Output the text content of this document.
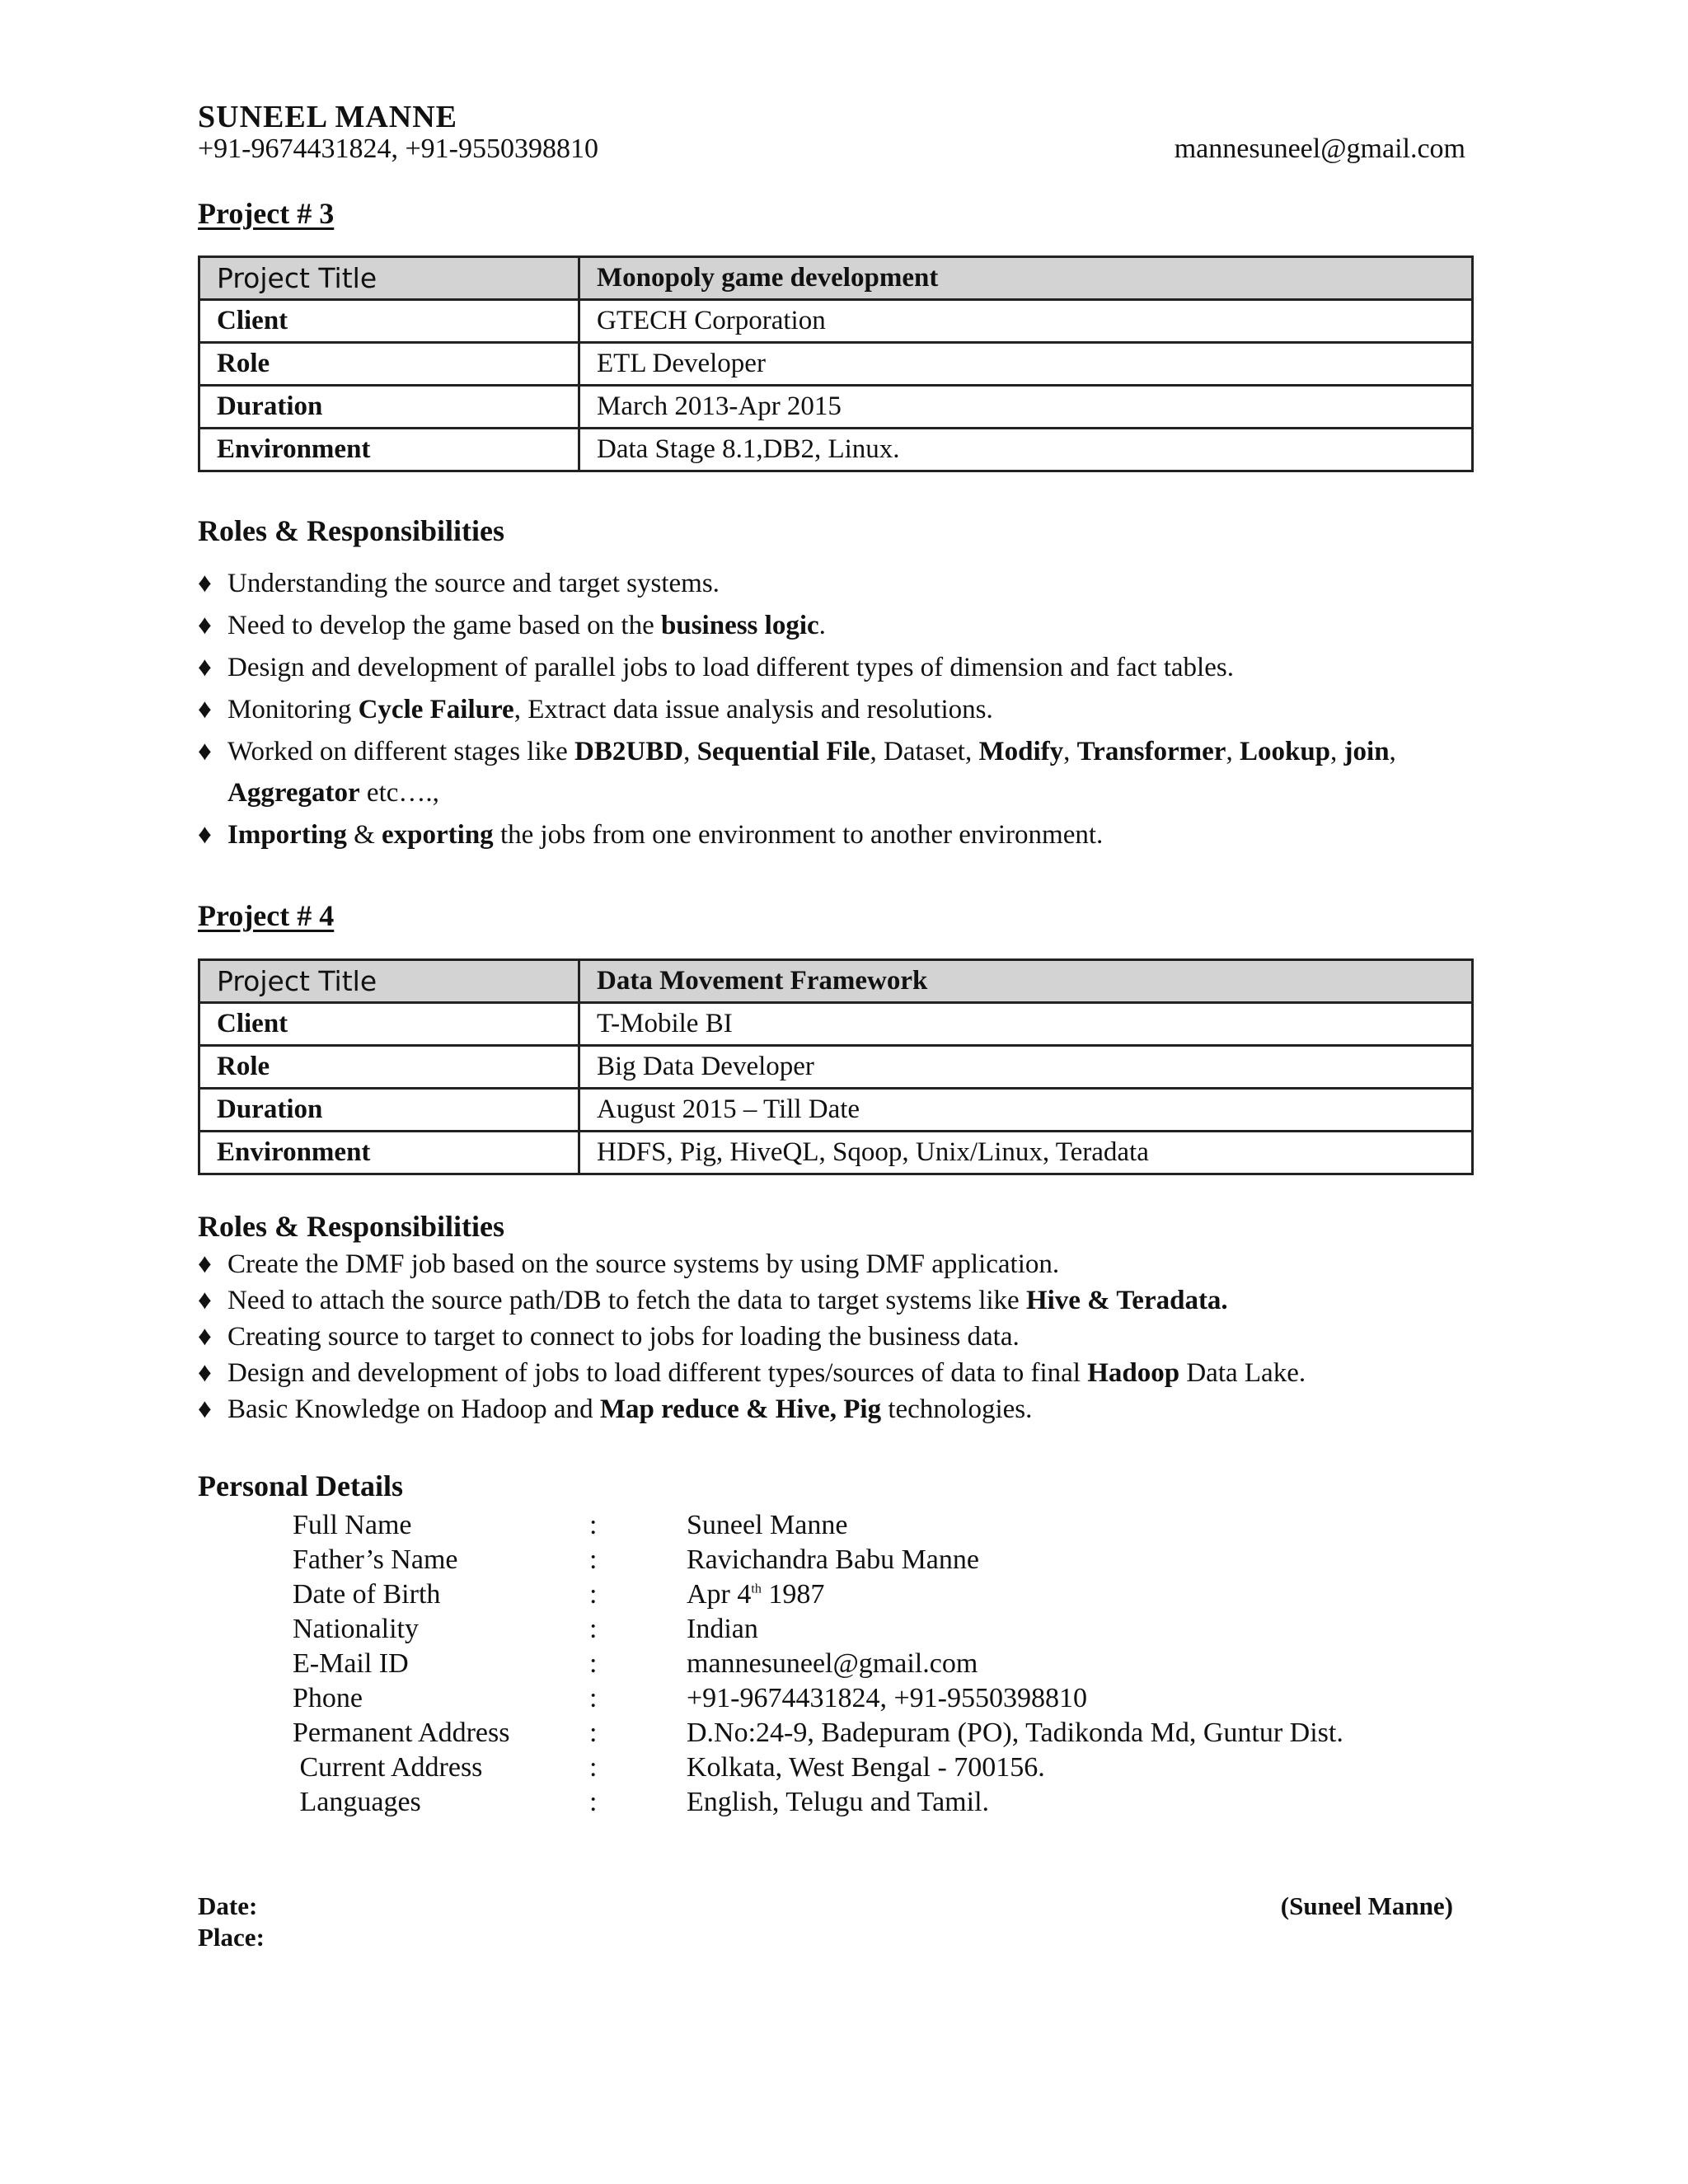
SUNEEL MANNE
+91-9674431824, +91-9550398810	mannesuneel@gmail.com
Project # 3
Project Title	Monopoly game development
Client	GTECH Corporation
Role	ETL Developer
Duration	March 2013-Apr 2015
Environment	Data Stage 8.1,DB2, Linux.
Roles & Responsibilities
♦ Understanding the source and target systems.
♦ Need to develop the game based on the business logic.
♦ Design and development of parallel jobs to load different types of dimension and fact tables.
♦ Monitoring Cycle Failure, Extract data issue analysis and resolutions.
♦ Worked on different stages like DB2UBD, Sequential File, Dataset, Modify, Transformer, Lookup, join, Aggregator etc….,
♦ Importing & exporting the jobs from one environment to another environment.
Project # 4
Project Title	Data Movement Framework
Client	T-Mobile BI
Role	Big Data Developer
Duration	August 2015 – Till Date
Environment	HDFS, Pig, HiveQL, Sqoop, Unix/Linux, Teradata
Roles & Responsibilities
♦ Create the DMF job based on the source systems by using DMF application.
♦ Need to attach the source path/DB to fetch the data to target systems like Hive & Teradata.
♦ Creating source to target to connect to jobs for loading the business data.
♦ Design and development of jobs to load different types/sources of data to final Hadoop Data Lake.
♦ Basic Knowledge on Hadoop and Map reduce & Hive, Pig technologies.
Personal Details
Full Name	:	Suneel Manne
Father’s Name	:	Ravichandra Babu Manne
Date of Birth	:	Apr 4th 1987
Nationality	:	Indian
E-Mail ID	:	mannesuneel@gmail.com
Phone	:	+91-9674431824, +91-9550398810
Permanent Address	:	D.No:24-9, Badepuram (PO), Tadikonda Md, Guntur Dist.
Current Address	:	Kolkata, West Bengal - 700156.
Languages	:	English, Telugu and Tamil.
Date:
Place:
(Suneel Manne)
